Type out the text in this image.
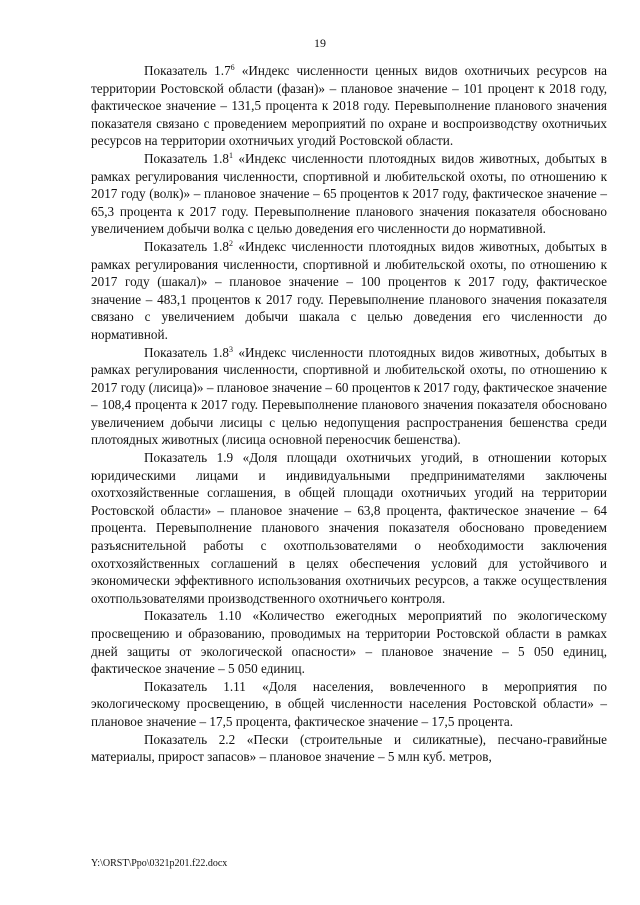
19

Показатель $1.7^6$ «Индекс численности ценных видов охотничьих ресурсов на территории Ростовской области (фазан)» – плановое значение – 101 процент к 2018 году, фактическое значение – 131,5 процента к 2018 году. Перевыполнение планового значения показателя связано с проведением мероприятий по охране и воспроизводству охотничьих ресурсов на территории охотничьих угодий Ростовской области.

Показатель $1.8^1$ «Индекс численности плотоядных видов животных, добытых в рамках регулирования численности, спортивной и любительской охоты, по отношению к 2017 году (волк)» – плановое значение – 65 процентов к 2017 году, фактическое значение – 65,3 процента к 2017 году. Перевыполнение планового значения показателя обосновано увеличением добычи волка с целью доведения его численности до нормативной.

Показатель $1.8^2$ «Индекс численности плотоядных видов животных, добытых в рамках регулирования численности, спортивной и любительской охоты, по отношению к 2017 году (шакал)» – плановое значение – 100 процентов к 2017 году, фактическое значение – 483,1 процентов к 2017 году. Перевыполнение планового значения показателя связано с увеличением добычи шакала с целью доведения его численности до нормативной.

Показатель $1.8^3$ «Индекс численности плотоядных видов животных, добытых в рамках регулирования численности, спортивной и любительской охоты, по отношению к 2017 году (лисица)» – плановое значение – 60 процентов к 2017 году, фактическое значение – 108,4 процента к 2017 году. Перевыполнение планового значения показателя обосновано увеличением добычи лисицы с целью недопущения распространения бешенства среди плотоядных животных (лисица основной переносчик бешенства).

Показатель 1.9 «Доля площади охотничьих угодий, в отношении которых юридическими лицами и индивидуальными предпринимателями заключены охотхозяйственные соглашения, в общей площади охотничьих угодий на территории Ростовской области» – плановое значение – 63,8 процента, фактическое значение – 64 процента. Перевыполнение планового значения показателя обосновано проведением разъяснительной работы с охотпользователями о необходимости заключения охотхозяйственных соглашений в целях обеспечения условий для устойчивого и экономически эффективного использования охотничьих ресурсов, а также осуществления охотпользователями производственного охотничьего контроля.

Показатель 1.10 «Количество ежегодных мероприятий по экологическому просвещению и образованию, проводимых на территории Ростовской области в рамках дней защиты от экологической опасности» – плановое значение – 5 050 единиц, фактическое значение – 5 050 единиц.

Показатель 1.11 «Доля населения, вовлеченного в мероприятия по экологическому просвещению, в общей численности населения Ростовской области» – плановое значение – 17,5 процента, фактическое значение – 17,5 процента.

Показатель 2.2 «Пески (строительные и силикатные), песчано-гравийные материалы, прирост запасов» – плановое значение – 5 млн куб. метров,

Y:\ORST\Ppo\0321p201.f22.docx
